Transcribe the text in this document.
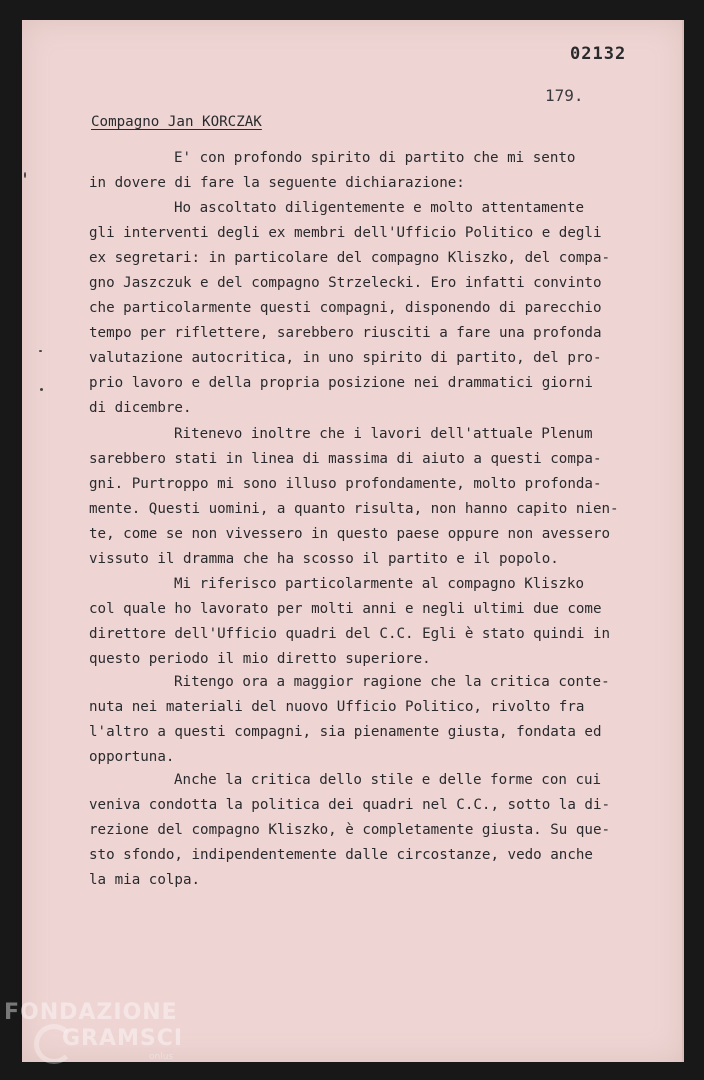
02132
179.
Compagno Jan KORCZAK
E' con profondo spirito di partito che mi sento
in dovere di fare la seguente dichiarazione:
Ho ascoltato diligentemente e molto attentamente
gli interventi degli ex membri dell'Ufficio Politico e degli
ex segretari: in particolare del compagno Kliszko, del compa-
gno Jaszczuk e del compagno Strzelecki. Ero infatti convinto
che particolarmente questi compagni, disponendo di parecchio
tempo per riflettere, sarebbero riusciti a fare una profonda
valutazione autocritica, in uno spirito di partito, del pro-
prio lavoro e della propria posizione nei drammatici giorni
di dicembre.
Ritenevo inoltre che i lavori dell'attuale Plenum
sarebbero stati in linea di massima di aiuto a questi compa-
gni. Purtroppo mi sono illuso profondamente, molto profonda-
mente. Questi uomini, a quanto risulta, non hanno capito nien-
te, come se non vivessero in questo paese oppure non avessero
vissuto il dramma che ha scosso il partito e il popolo.
Mi riferisco particolarmente al compagno Kliszko
col quale ho lavorato per molti anni e negli ultimi due come
direttore dell'Ufficio quadri del C.C. Egli è stato quindi in
questo periodo il mio diretto superiore.
Ritengo ora a maggior ragione che la critica conte-
nuta nei materiali del nuovo Ufficio Politico, rivolto fra
l'altro a questi compagni, sia pienamente giusta, fondata ed
opportuna.
Anche la critica dello stile e delle forme con cui
veniva condotta la politica dei quadri nel C.C., sotto la di-
rezione del compagno Kliszko, è completamente giusta. Su que-
sto sfondo, indipendentemente dalle circostanze, vedo anche
la mia colpa.
FONDAZIONE
GRAMSCI
onlus
